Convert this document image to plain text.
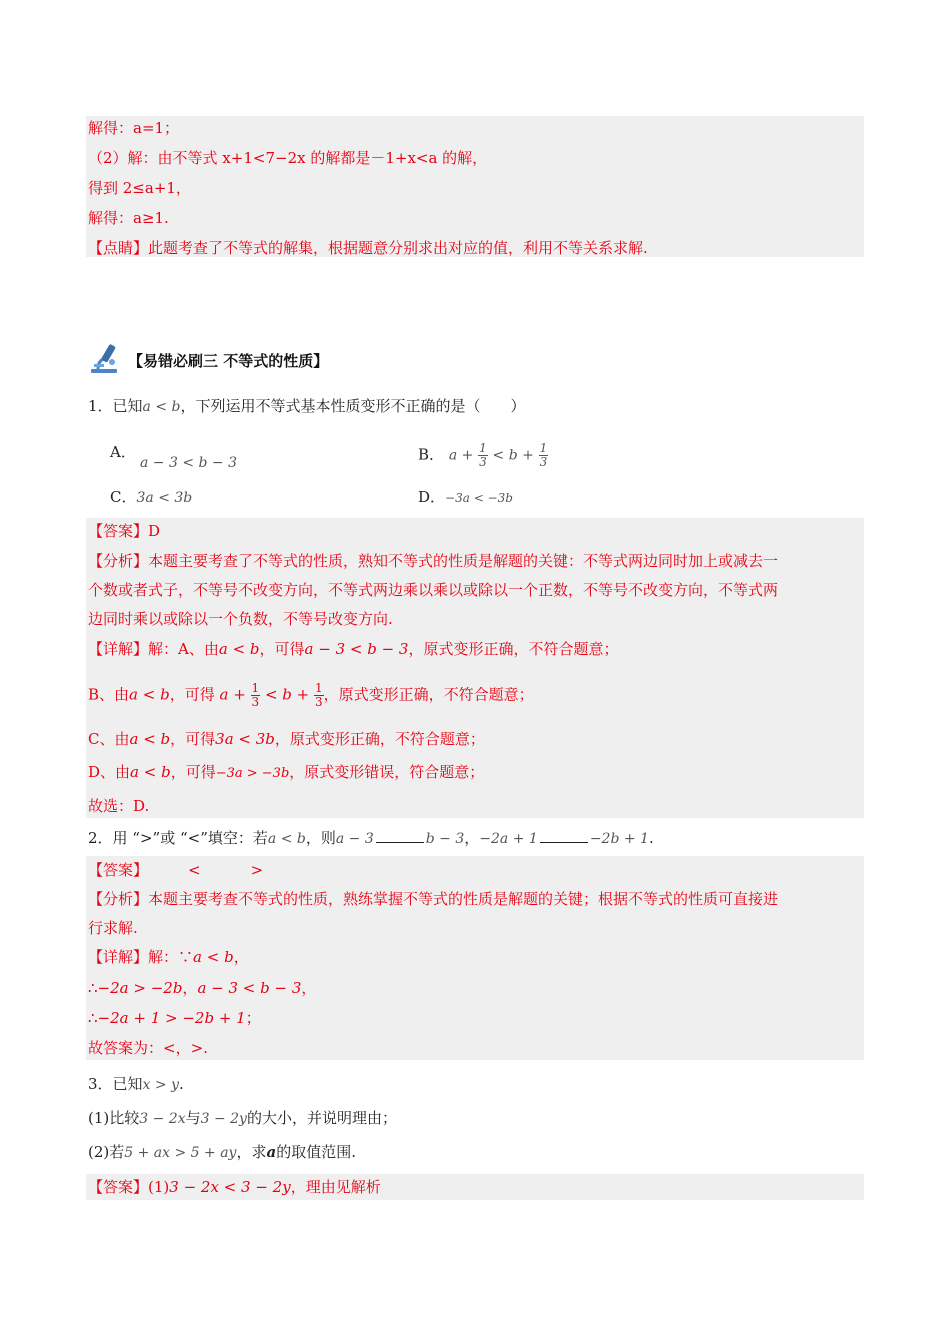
解得：a=1；
（2）解：由不等式 x+1<7−2x 的解都是－1+x<a 的解，
得到 2≤a+1，
解得：a≥1.
【点睛】此题考查了不等式的解集，根据题意分别求出对应的值，利用不等关系求解.
【易错必刷三 不等式的性质】
1．已知a < b，下列运用不等式基本性质变形不正确的是（　　）
A．
a − 3 < b − 3	B． $a + \frac{1}{3} < b + \frac{1}{3}$
C．3a < 3b	D．−3a < −3b
【答案】D
【分析】本题主要考查了不等式的性质，熟知不等式的性质是解题的关键：不等式两边同时加上或减去一
个数或者式子，不等号不改变方向，不等式两边乘以乘以或除以一个正数，不等号不改变方向，不等式两
边同时乘以或除以一个负数，不等号改变方向.
【详解】解：A、由a < b，可得a − 3 < b − 3，原式变形正确，不符合题意；
B、由a < b，可得 $a + \frac{1}{3} < b + \frac{1}{3}$ ，原式变形正确，不符合题意；
C、由a < b，可得3a < 3b，原式变形正确，不符合题意；
D、由a < b，可得−3a > −3b，原式变形错误，符合题意；
故选：D.
2．用 “>”或 “<”填空：若a < b，则a − 3	b − 3，−2a + 1	−2b + 1.
【答案】	<	>
【分析】本题主要考查不等式的性质，熟练掌握不等式的性质是解题的关键；根据不等式的性质可直接进
行求解.
【详解】解：∵a < b，
∴−2a > −2b，a − 3 < b − 3，
∴−2a + 1 > −2b + 1；
故答案为：<，>.
3．已知x > y.
(1)比较3 − 2x与3 − 2y的大小，并说明理由；
(2)若5 + ax > 5 + ay，求a的取值范围.
【答案】(1)3 − 2x < 3 − 2y，理由见解析
